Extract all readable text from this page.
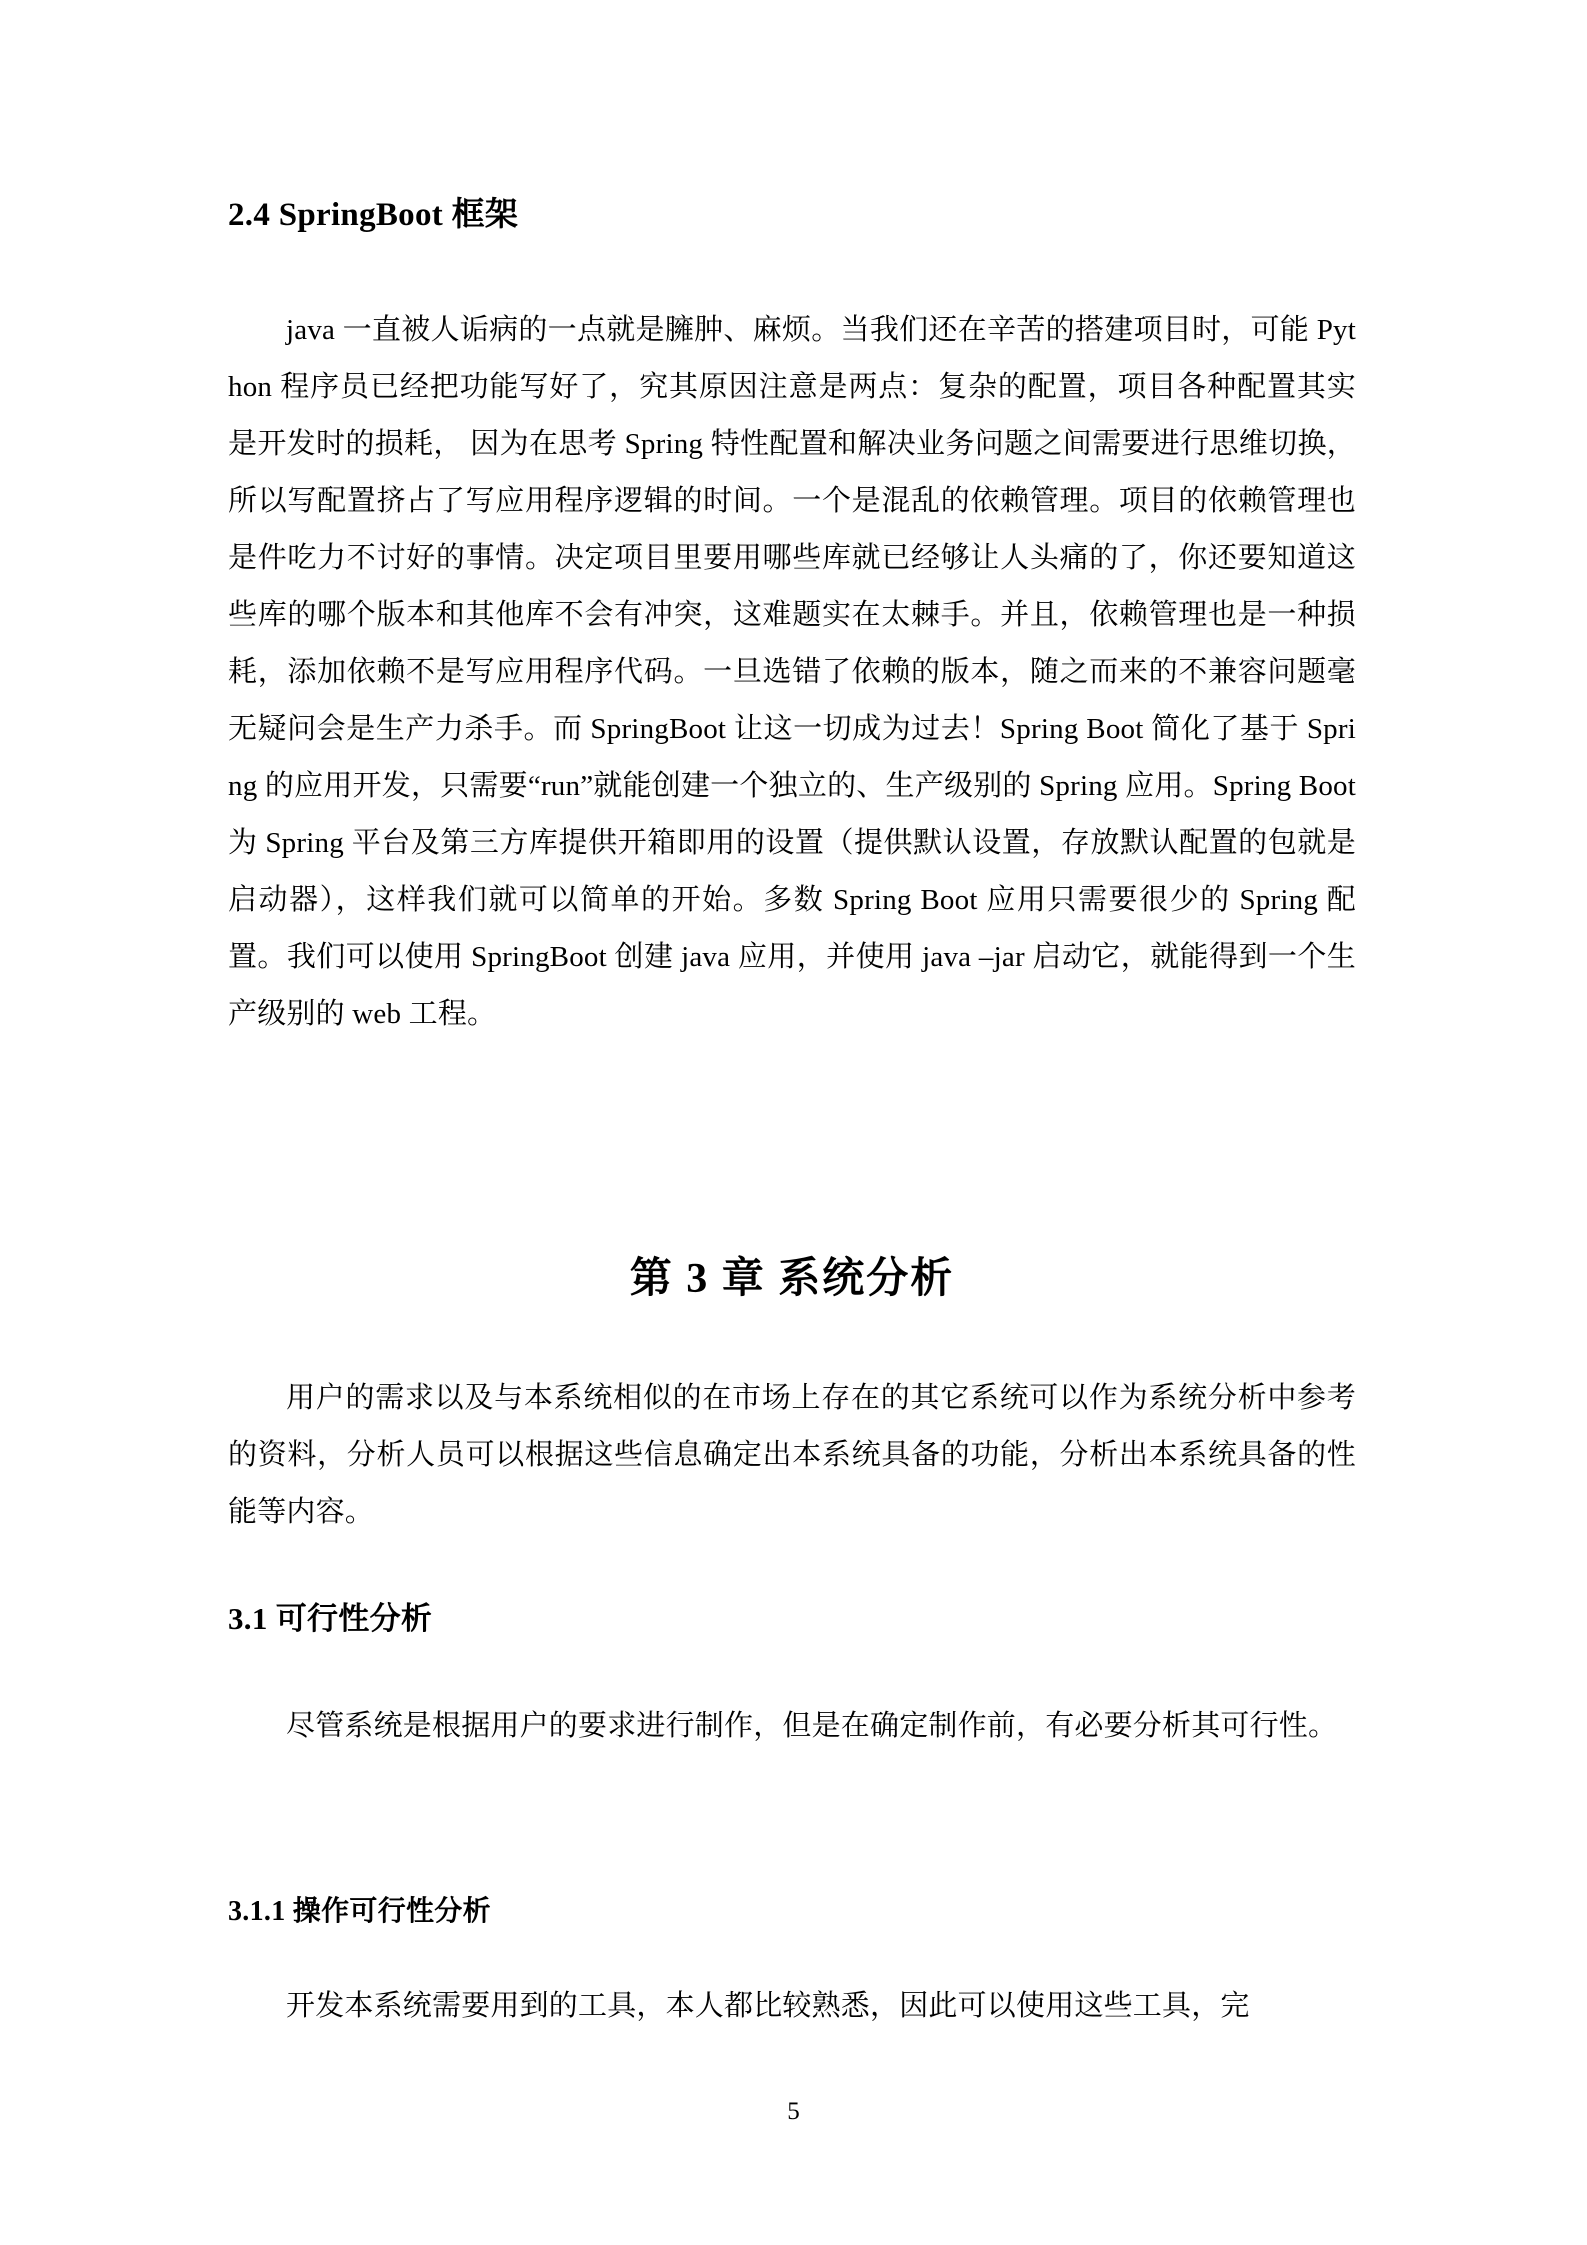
2.4 SpringBoot 框架

java 一直被人诟病的一点就是臃肿、麻烦。当我们还在辛苦的搭建项目时，可能 Python 程序员已经把功能写好了，究其原因注意是两点：复杂的配置，项目各种配置其实是开发时的损耗， 因为在思考 Spring 特性配置和解决业务问题之间需要进行思维切换，所以写配置挤占了写应用程序逻辑的时间。一个是混乱的依赖管理。项目的依赖管理也是件吃力不讨好的事情。决定项目里要用哪些库就已经够让人头痛的了，你还要知道这些库的哪个版本和其他库不会有冲突，这难题实在太棘手。并且，依赖管理也是一种损耗，添加依赖不是写应用程序代码。一旦选错了依赖的版本，随之而来的不兼容问题毫无疑问会是生产力杀手。而 SpringBoot 让这一切成为过去！Spring Boot 简化了基于 Spring 的应用开发，只需要“run”就能创建一个独立的、生产级别的 Spring 应用。Spring Boot 为 Spring 平台及第三方库提供开箱即用的设置（提供默认设置，存放默认配置的包就是启动器），这样我们就可以简单的开始。多数 Spring Boot 应用只需要很少的 Spring 配置。我们可以使用 SpringBoot 创建 java 应用，并使用 java –jar 启动它，就能得到一个生产级别的 web 工程。

第 3 章 系统分析

用户的需求以及与本系统相似的在市场上存在的其它系统可以作为系统分析中参考的资料，分析人员可以根据这些信息确定出本系统具备的功能，分析出本系统具备的性能等内容。

3.1 可行性分析

尽管系统是根据用户的要求进行制作，但是在确定制作前，有必要分析其可行性。

3.1.1 操作可行性分析

开发本系统需要用到的工具，本人都比较熟悉，因此可以使用这些工具，完

5
